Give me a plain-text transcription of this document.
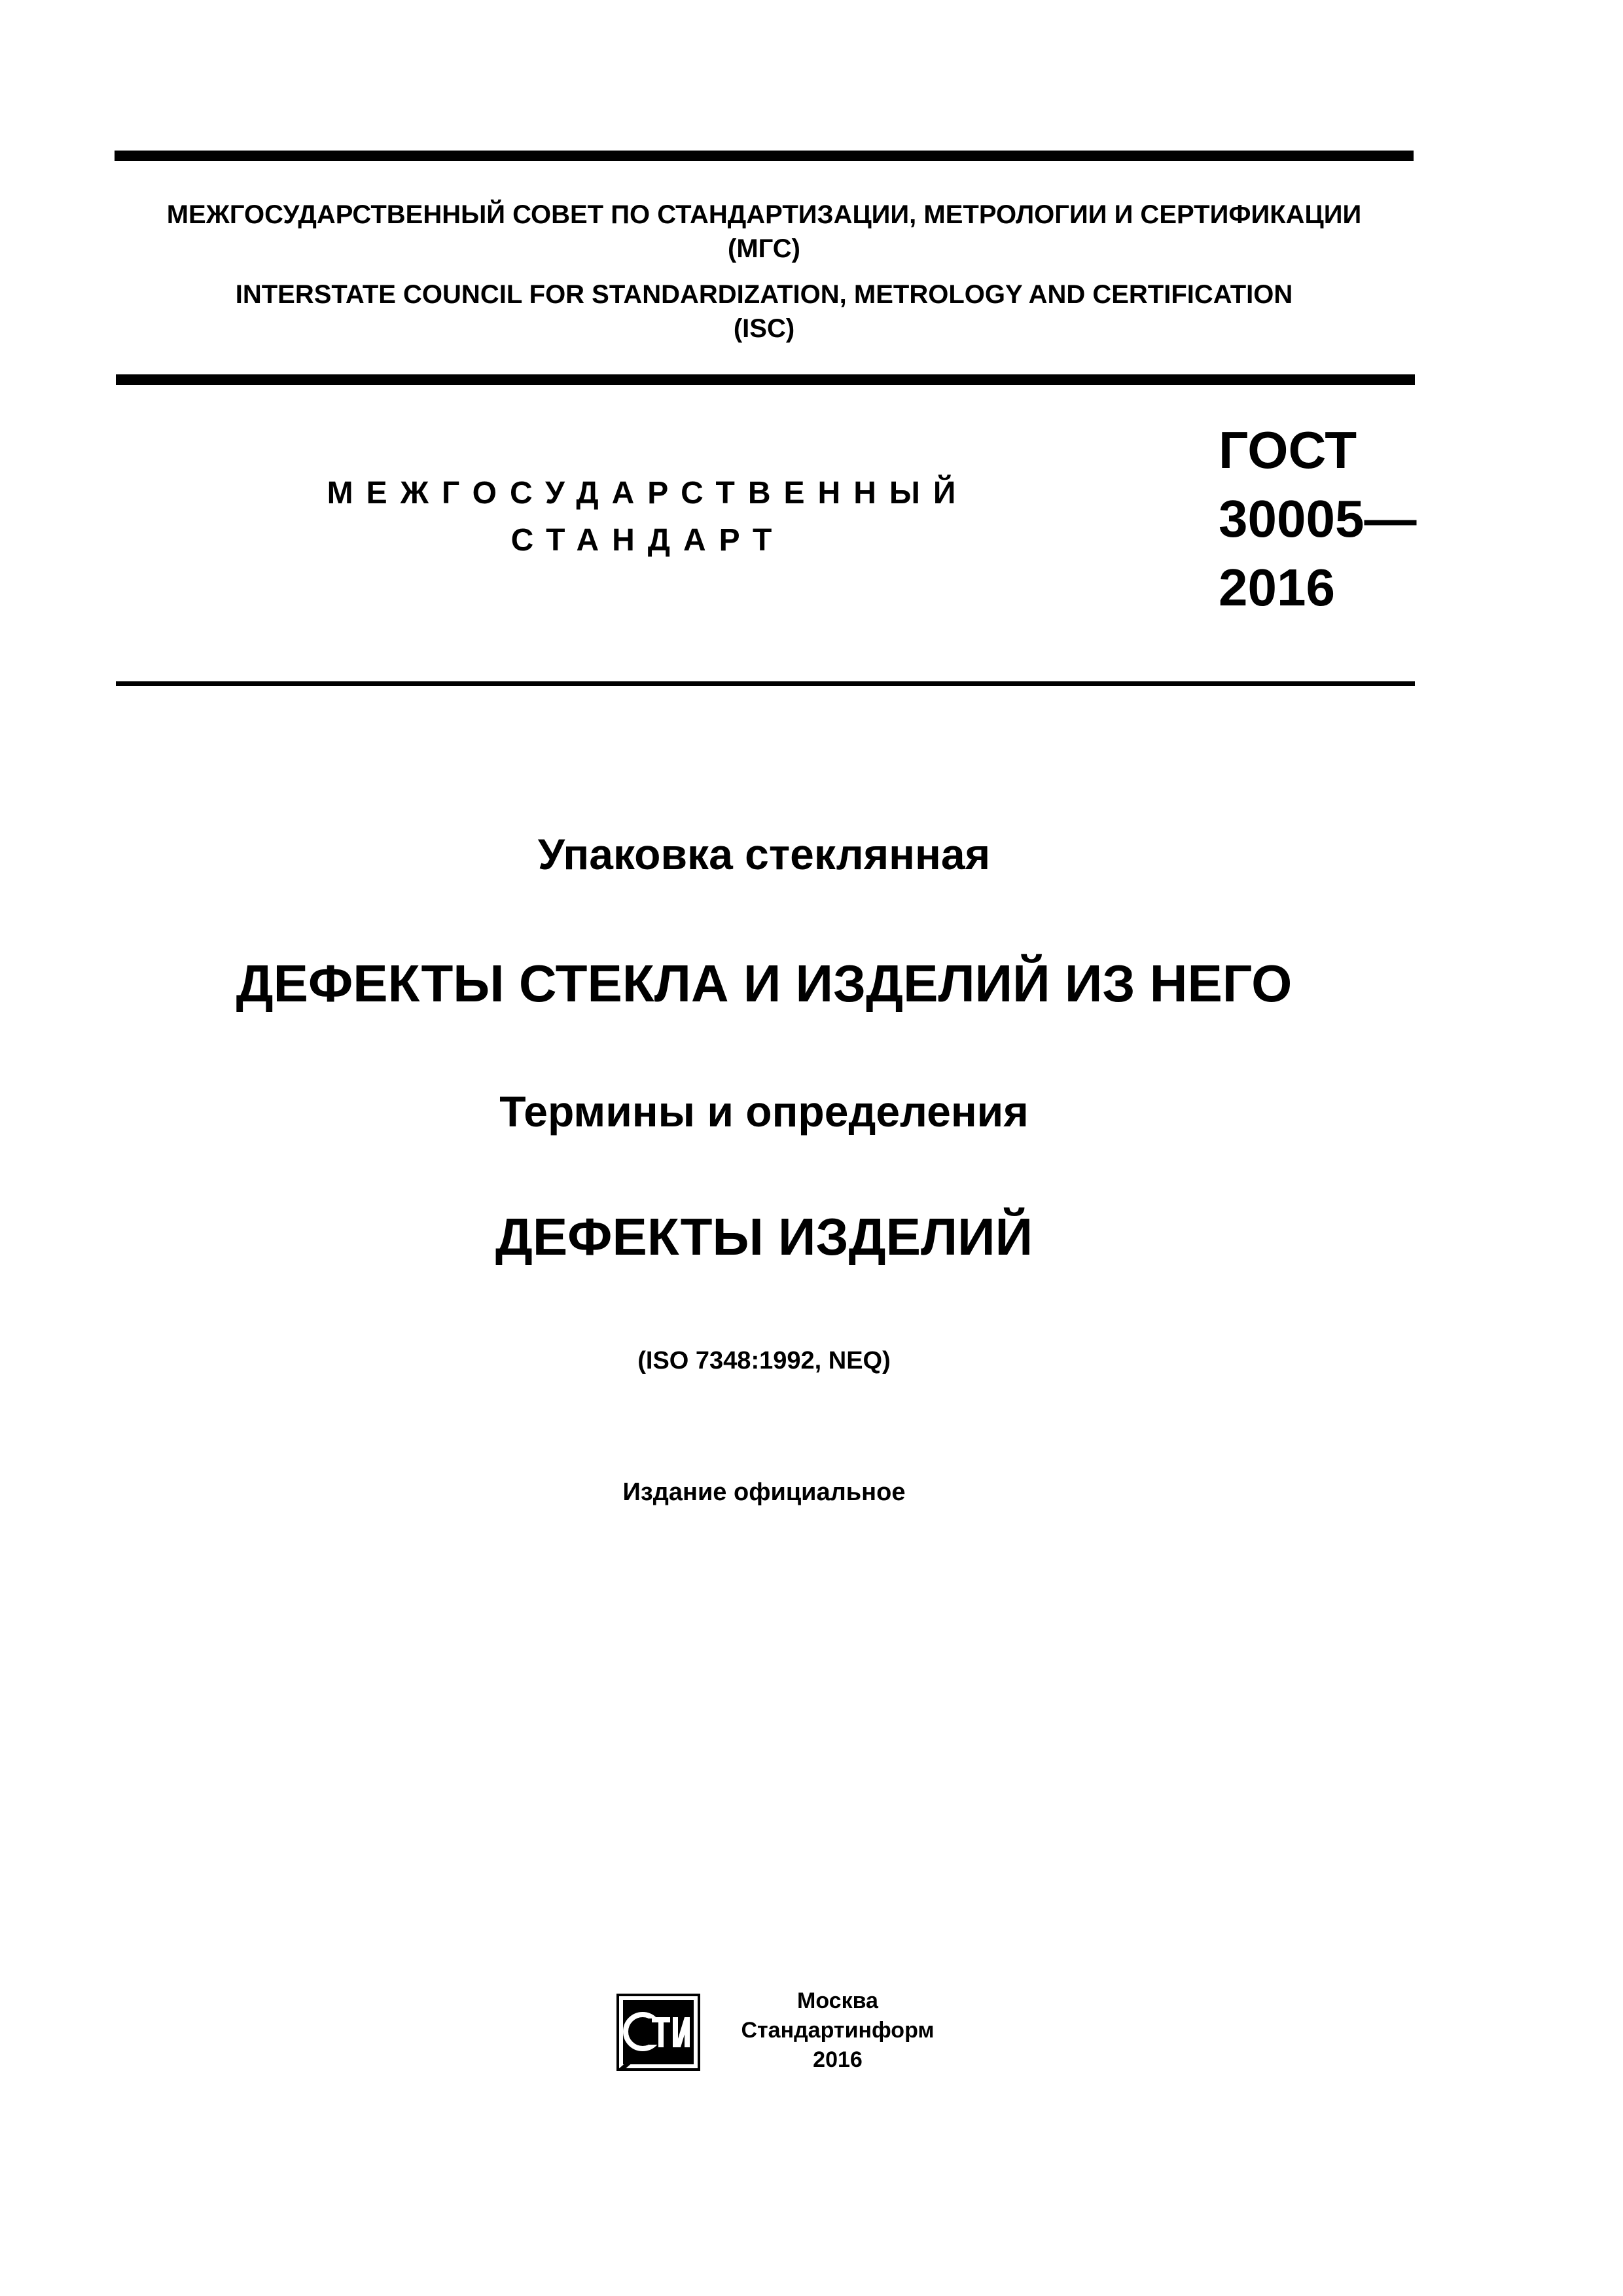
МЕЖГОСУДАРСТВЕННЫЙ СОВЕТ ПО СТАНДАРТИЗАЦИИ, МЕТРОЛОГИИ И СЕРТИФИКАЦИИ
(МГС)
INTERSTATE COUNCIL FOR STANDARDIZATION, METROLOGY AND CERTIFICATION
(ISC)
МЕЖГОСУДАРСТВЕННЫЙ
СТАНДАРТ
ГОСТ
30005—
2016
Упаковка стеклянная
ДЕФЕКТЫ СТЕКЛА И ИЗДЕЛИЙ ИЗ НЕГО
Термины и определения
ДЕФЕКТЫ ИЗДЕЛИЙ
(ISO 7348:1992, NEQ)
Издание официальное
Москва
Стандартинформ
2016
